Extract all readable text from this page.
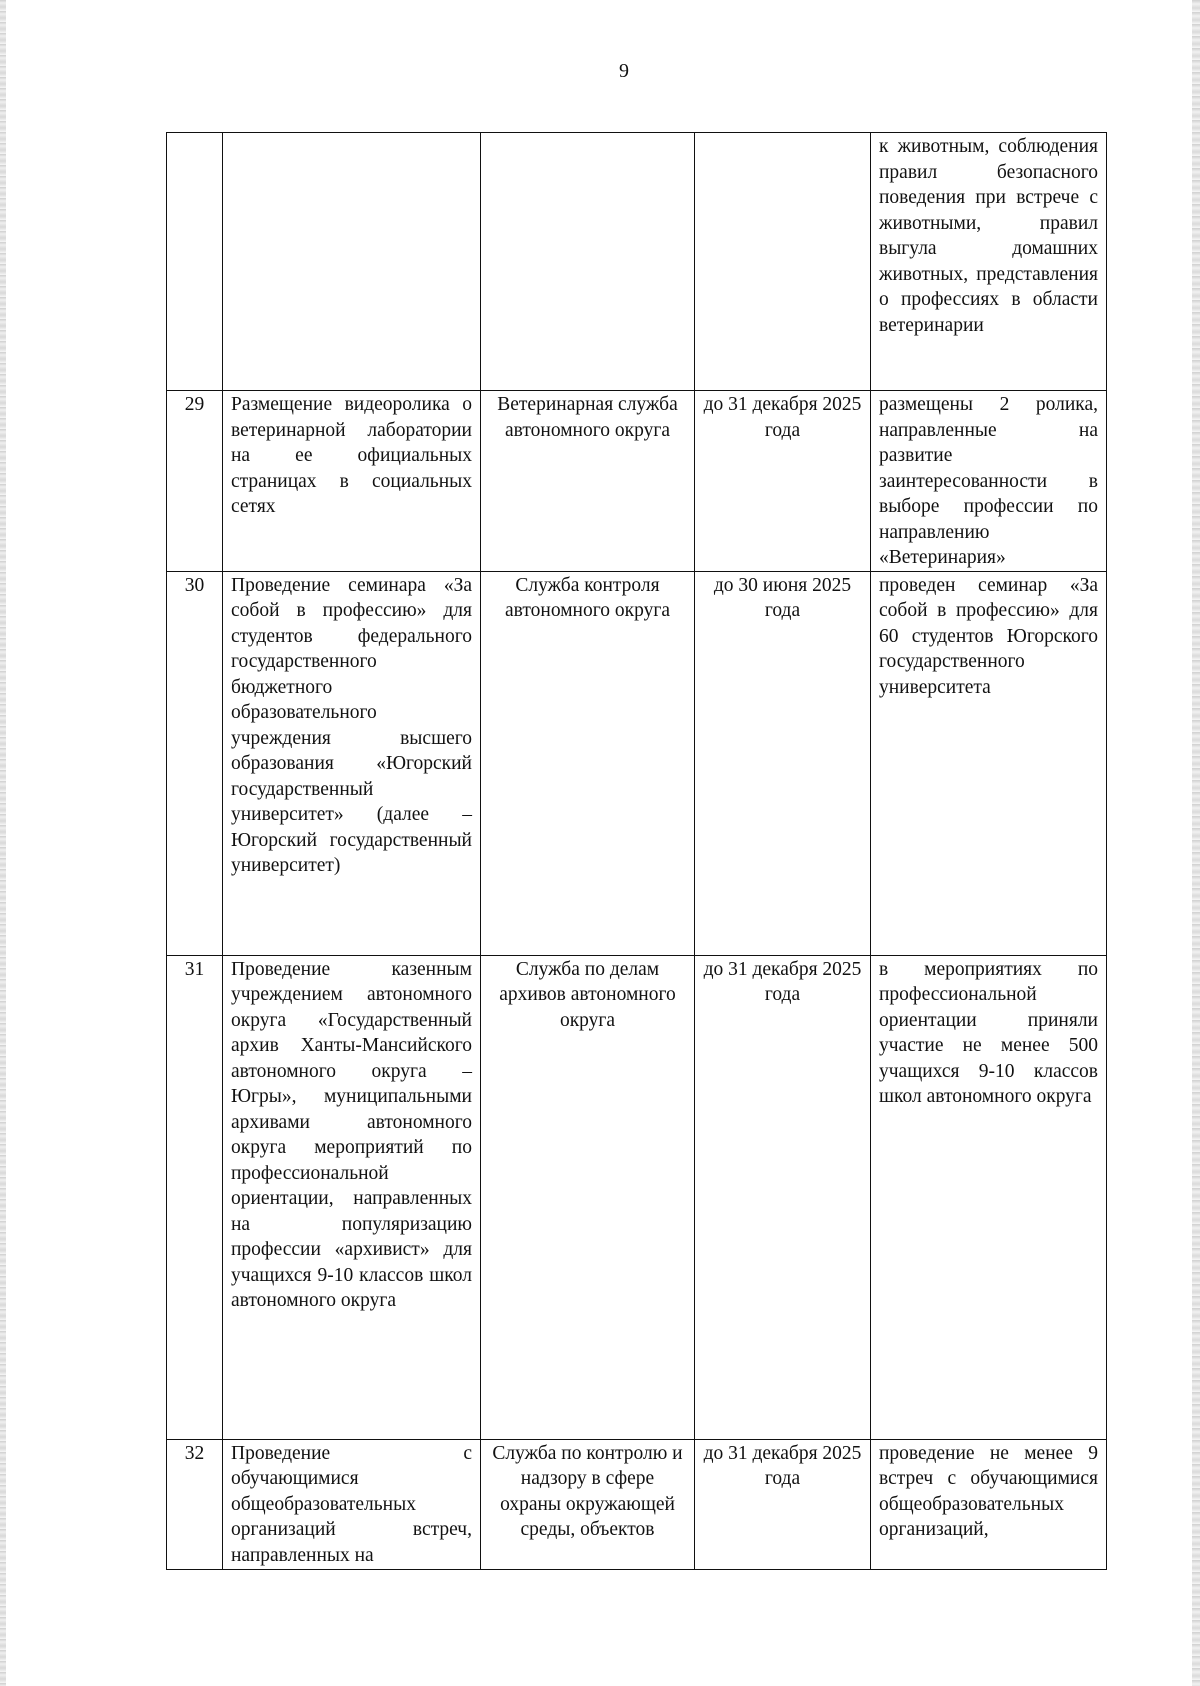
9
				к животным, соблюдения правил безопасного поведения при встрече с животными, правил выгула домашних животных, представления о профессиях в области ветеринарии
29	Размещение видеоролика о ветеринарной лаборатории на ее официальных страницах в социальных сетях	Ветеринарная служба автономного округа	до 31 декабря 2025 года	размещены 2 ролика, направленные на развитие заинтересованности в выборе профессии по направлению «Ветеринария»
30	Проведение семинара «За собой в профессию» для студентов федерального государственного бюджетного образовательного учреждения высшего образования «Югорский государственный университет» (далее – Югорский государственный университет)	Служба контроля автономного округа	до 30 июня 2025 года	проведен семинар «За собой в профессию» для 60 студентов Югорского государственного университета
31	Проведение казенным учреждением автономного округа «Государственный архив Ханты-Мансийского автономного округа – Югры», муниципальными архивами автономного округа мероприятий по профессиональной ориентации, направленных на популяризацию профессии «архивист» для учащихся 9-10 классов школ автономного округа	Служба по делам архивов автономного округа	до 31 декабря 2025 года	в мероприятиях по профессиональной ориентации приняли участие не менее 500 учащихся 9-10 классов школ автономного округа
32	Проведение с обучающимися общеобразовательных организаций встреч, направленных на	Служба по контролю и надзору в сфере охраны окружающей среды, объектов	до 31 декабря 2025 года	проведение не менее 9 встреч с обучающимися общеобразовательных организаций,
